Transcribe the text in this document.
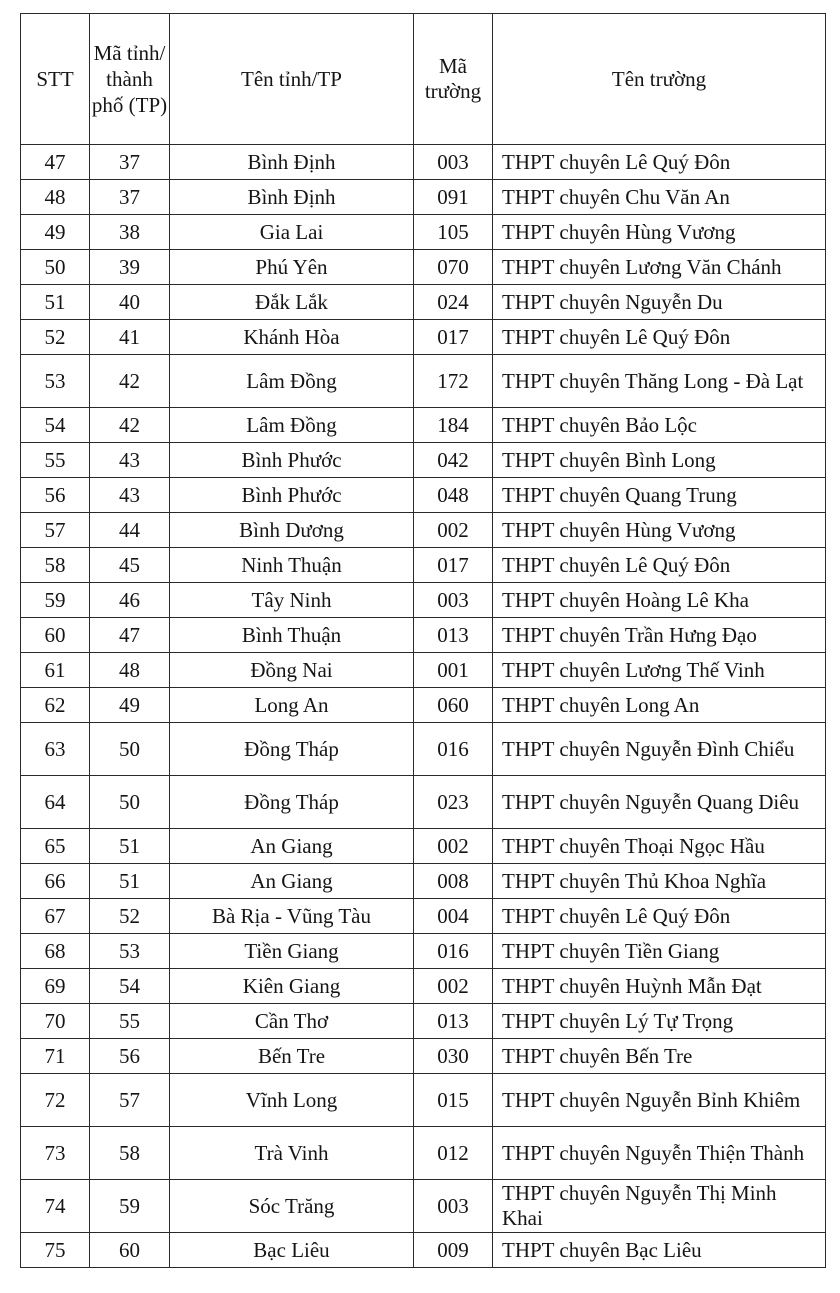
STT	Mã tỉnh/ thành phố (TP)	Tên tỉnh/TP	Mã trường	Tên trường
47	37	Bình Định	003	THPT chuyên Lê Quý Đôn
48	37	Bình Định	091	THPT chuyên Chu Văn An
49	38	Gia Lai	105	THPT chuyên Hùng Vương
50	39	Phú Yên	070	THPT chuyên Lương Văn Chánh
51	40	Đắk Lắk	024	THPT chuyên Nguyễn Du
52	41	Khánh Hòa	017	THPT chuyên Lê Quý Đôn
53	42	Lâm Đồng	172	THPT chuyên Thăng Long - Đà Lạt
54	42	Lâm Đồng	184	THPT chuyên Bảo Lộc
55	43	Bình Phước	042	THPT chuyên Bình Long
56	43	Bình Phước	048	THPT chuyên Quang Trung
57	44	Bình Dương	002	THPT chuyên Hùng Vương
58	45	Ninh Thuận	017	THPT chuyên Lê Quý Đôn
59	46	Tây Ninh	003	THPT chuyên Hoàng Lê Kha
60	47	Bình Thuận	013	THPT chuyên Trần Hưng Đạo
61	48	Đồng Nai	001	THPT chuyên Lương Thế Vinh
62	49	Long An	060	THPT chuyên Long An
63	50	Đồng Tháp	016	THPT chuyên Nguyễn Đình Chiểu
64	50	Đồng Tháp	023	THPT chuyên Nguyễn Quang Diêu
65	51	An Giang	002	THPT chuyên Thoại Ngọc Hầu
66	51	An Giang	008	THPT chuyên Thủ Khoa Nghĩa
67	52	Bà Rịa - Vũng Tàu	004	THPT chuyên Lê Quý Đôn
68	53	Tiền Giang	016	THPT chuyên Tiền Giang
69	54	Kiên Giang	002	THPT chuyên Huỳnh Mẫn Đạt
70	55	Cần Thơ	013	THPT chuyên Lý Tự Trọng
71	56	Bến Tre	030	THPT chuyên Bến Tre
72	57	Vĩnh Long	015	THPT chuyên Nguyễn Bỉnh Khiêm
73	58	Trà Vinh	012	THPT chuyên Nguyễn Thiện Thành
74	59	Sóc Trăng	003	THPT chuyên Nguyễn Thị Minh Khai
75	60	Bạc Liêu	009	THPT chuyên Bạc Liêu
